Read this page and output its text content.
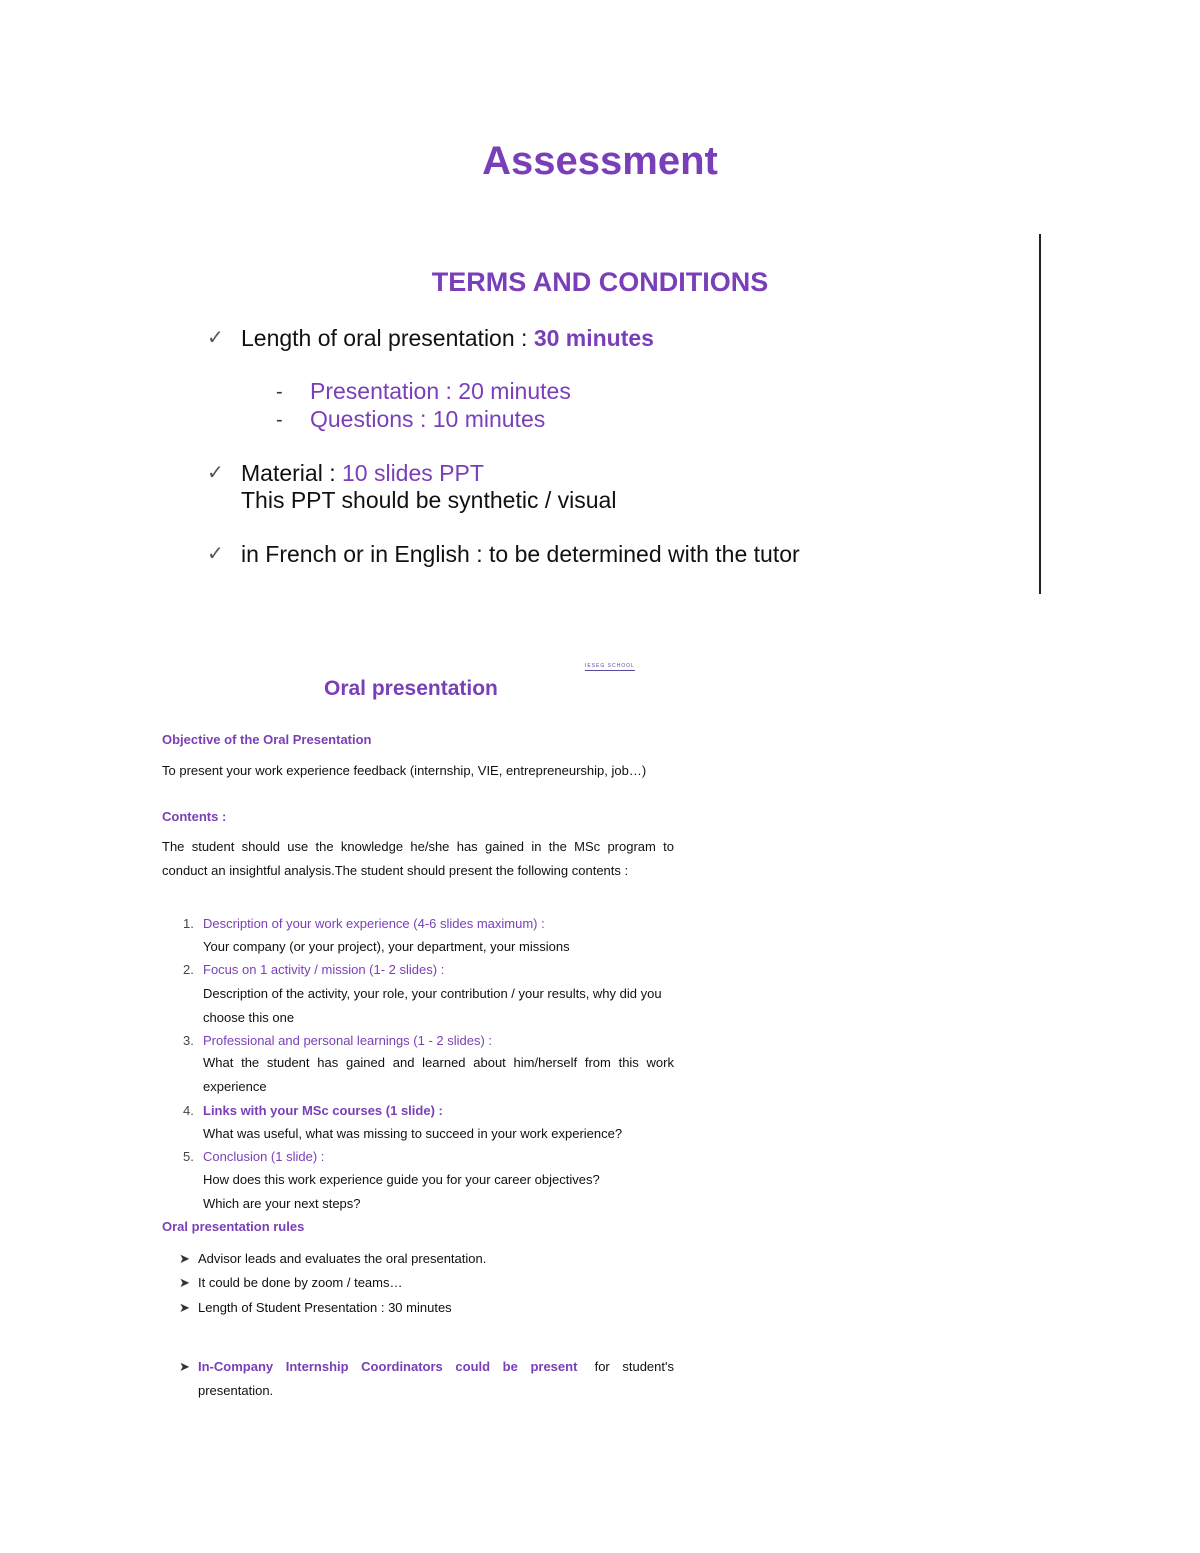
Assessment
TERMS AND CONDITIONS
✓ Length of oral presentation : 30 minutes
- Presentation : 20 minutes
- Questions : 10 minutes
✓ Material : 10 slides PPT
This PPT should be synthetic / visual
✓ in French or in English : to be determined with the tutor
IESEG SCHOOL
Oral presentation
Objective of the Oral Presentation
To present your work experience feedback (internship, VIE, entrepreneurship, job…)
Contents :
The student should use the knowledge he/she has gained in the MSc program to
conduct an insightful analysis.The student should present the following contents :
1. Description of your work experience (4-6 slides maximum) :
Your company (or your project), your department, your missions
2. Focus on 1 activity / mission (1- 2 slides) :
Description of the activity, your role, your contribution / your results, why did you
choose this one
3. Professional and personal learnings (1 - 2 slides) :
What the student has gained and learned about him/herself from this work
experience
4. Links with your MSc courses (1 slide) :
What was useful, what was missing to succeed in your work experience?
5. Conclusion (1 slide) :
How does this work experience guide you for your career objectives?
Which are your next steps?
Oral presentation rules
➤ Advisor leads and evaluates the oral presentation.
➤ It could be done by zoom / teams…
➤ Length of Student Presentation : 30 minutes
➤ In-Company Internship Coordinators could be present for student's
presentation.
